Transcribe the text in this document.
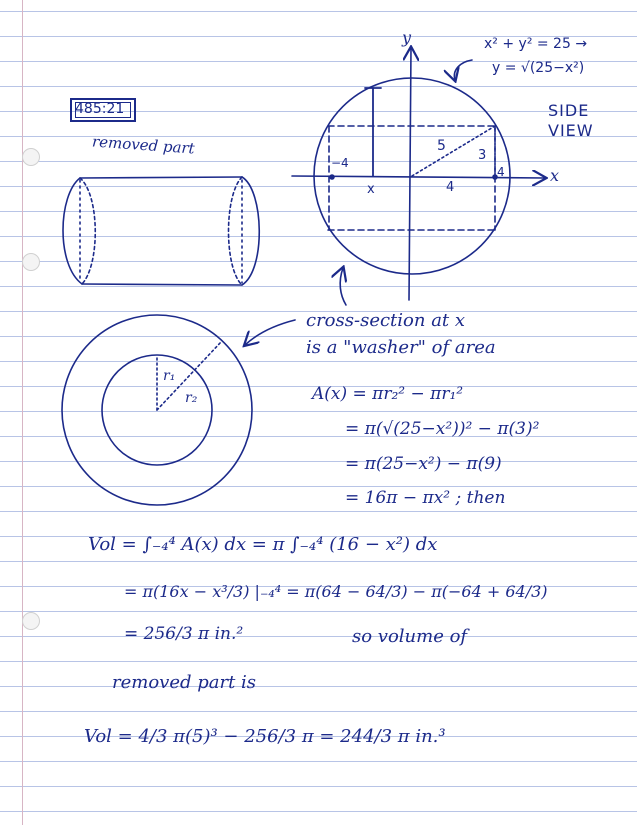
485:21	SIDE VIEW
removed part
y
x
x² + y² = 25 →
y = √(25−x²)
−4
4
x
5
3
4
r₁
r₂
cross-section at x
is a "washer" of area
A(x) = πr₂² − πr₁²
= π(√(25−x²))² − π(3)²
= π(25−x²) − π(9)
= 16π − πx² ; then
Vol = ∫₋₄⁴ A(x) dx = π ∫₋₄⁴ (16 − x²) dx
= π(16x − x³/3) |₋₄⁴ = π(64 − 64/3) − π(−64 + 64/3)
= 256/3 π in.²	so volume of
removed part is
Vol = 4/3 π(5)³ − 256/3 π = 244/3 π in.³
